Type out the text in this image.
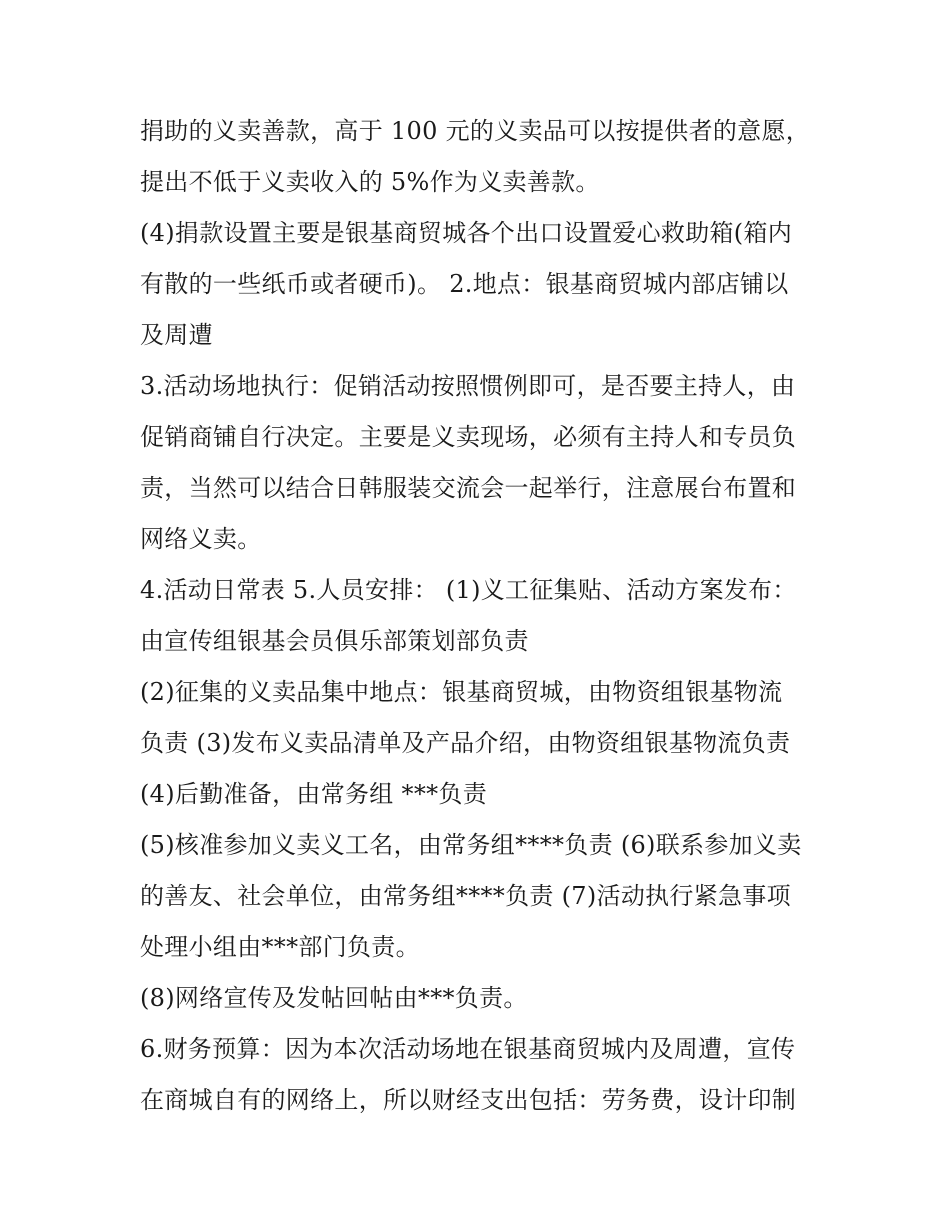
捐助的义卖善款，高于 100 元的义卖品可以按提供者的意愿，
提出不低于义卖收入的 5%作为义卖善款。
(4)捐款设置主要是银基商贸城各个出口设置爱心救助箱(箱内
有散的一些纸币或者硬币)。 2.地点：银基商贸城内部店铺以
及周遭
3.活动场地执行：促销活动按照惯例即可，是否要主持人，由
促销商铺自行决定。主要是义卖现场，必须有主持人和专员负
责，当然可以结合日韩服装交流会一起举行，注意展台布置和
网络义卖。
4.活动日常表 5.人员安排： (1)义工征集贴、活动方案发布：
由宣传组银基会员俱乐部策划部负责
(2)征集的义卖品集中地点：银基商贸城，由物资组银基物流
负责 (3)发布义卖品清单及产品介绍，由物资组银基物流负责
(4)后勤准备，由常务组 ***负责
(5)核准参加义卖义工名，由常务组****负责 (6)联系参加义卖
的善友、社会单位，由常务组****负责 (7)活动执行紧急事项
处理小组由***部门负责。
(8)网络宣传及发帖回帖由***负责。
6.财务预算：因为本次活动场地在银基商贸城内及周遭，宣传
在商城自有的网络上，所以财经支出包括：劳务费，设计印制
